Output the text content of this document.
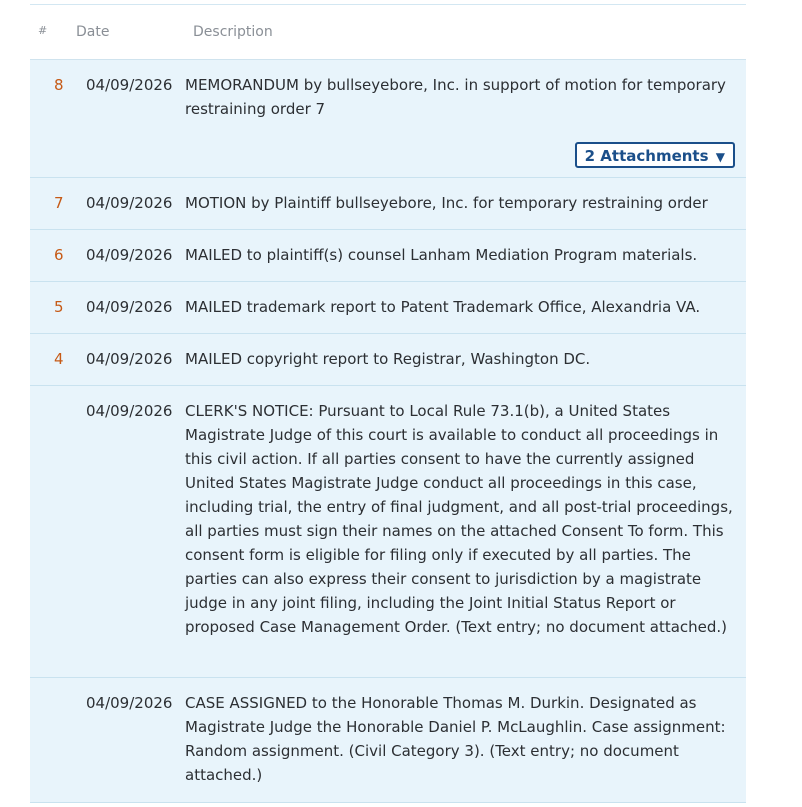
# Date	Description
8 04/09/2026 MEMORANDUM by bullseyebore, Inc. in support of motion for temporary restraining order 7
2 Attachments ▼
7 04/09/2026 MOTION by Plaintiff bullseyebore, Inc. for temporary restraining order
6 04/09/2026 MAILED to plaintiff(s) counsel Lanham Mediation Program materials.
5 04/09/2026 MAILED trademark report to Patent Trademark Office, Alexandria VA.
4 04/09/2026 MAILED copyright report to Registrar, Washington DC.
04/09/2026 CLERK'S NOTICE: Pursuant to Local Rule 73.1(b), a United States Magistrate Judge of this court is available to conduct all proceedings in this civil action. If all parties consent to have the currently assigned United States Magistrate Judge conduct all proceedings in this case, including trial, the entry of final judgment, and all post-trial proceedings, all parties must sign their names on the attached Consent To form. This consent form is eligible for filing only if executed by all parties. The parties can also express their consent to jurisdiction by a magistrate judge in any joint filing, including the Joint Initial Status Report or proposed Case Management Order. (Text entry; no document attached.)
04/09/2026 CASE ASSIGNED to the Honorable Thomas M. Durkin. Designated as Magistrate Judge the Honorable Daniel P. McLaughlin. Case assignment: Random assignment. (Civil Category 3). (Text entry; no document attached.)
